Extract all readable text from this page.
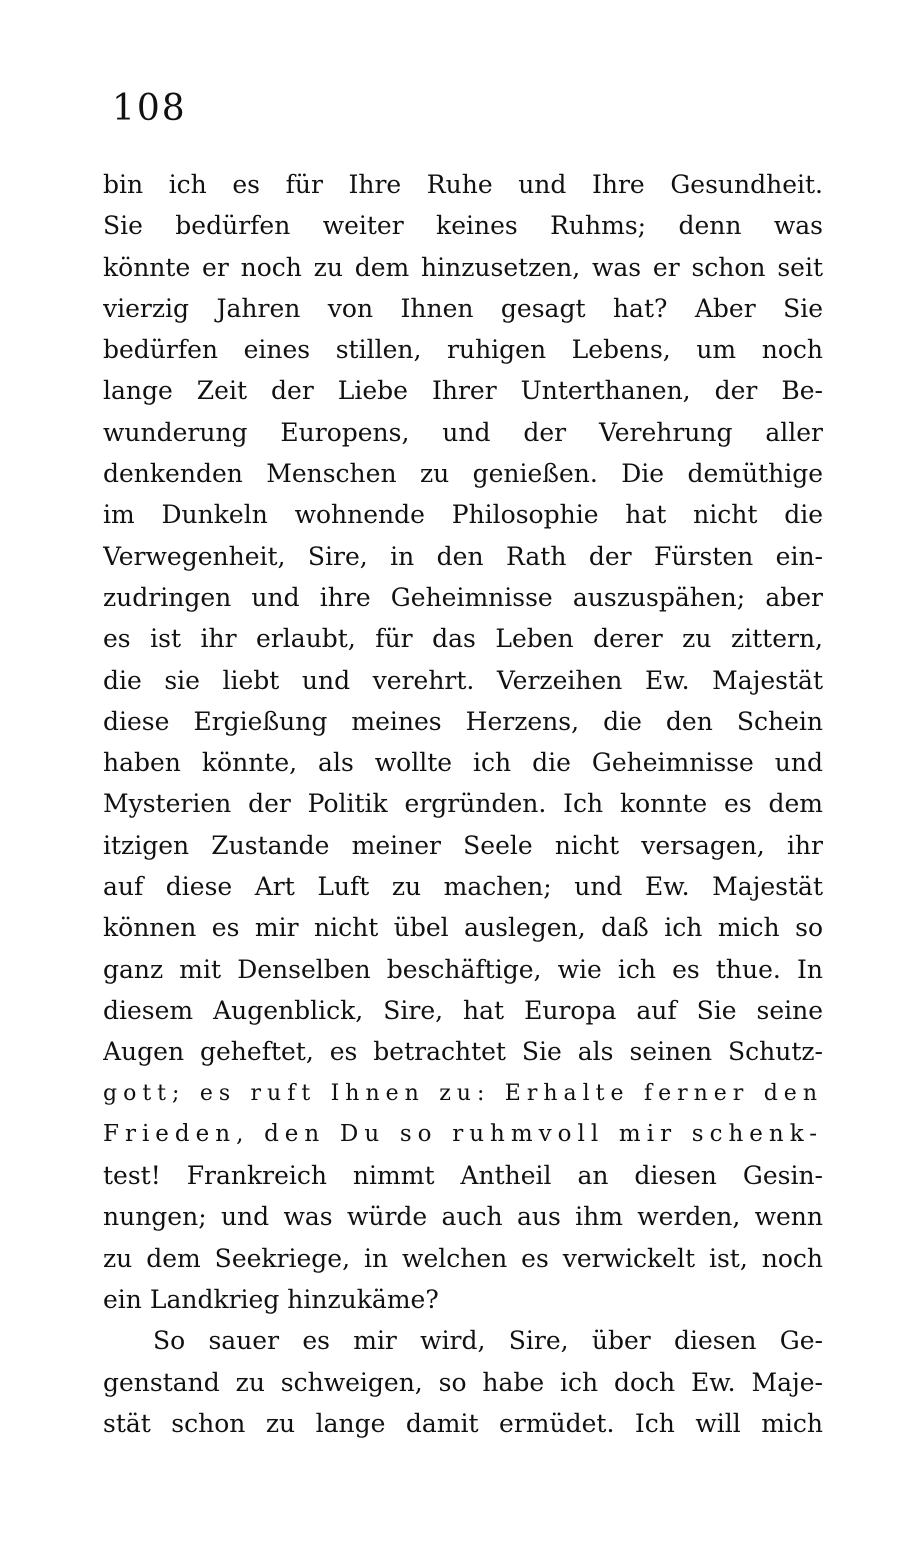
108
bin ich es für Ihre Ruhe und Ihre Gesundheit.
Sie bedürfen weiter keines Ruhms; denn was
könnte er noch zu dem hinzusetzen, was er schon seit
vierzig Jahren von Ihnen gesagt hat? Aber Sie
bedürfen eines stillen, ruhigen Lebens, um noch
lange Zeit der Liebe Ihrer Unterthanen, der Be-
wunderung Europens, und der Verehrung aller
denkenden Menschen zu genießen. Die demüthige
im Dunkeln wohnende Philosophie hat nicht die
Verwegenheit, Sire, in den Rath der Fürsten ein-
zudringen und ihre Geheimnisse auszuspähen; aber
es ist ihr erlaubt, für das Leben derer zu zittern,
die sie liebt und verehrt. Verzeihen Ew. Majestät
diese Ergießung meines Herzens, die den Schein
haben könnte, als wollte ich die Geheimnisse und
Mysterien der Politik ergründen. Ich konnte es dem
itzigen Zustande meiner Seele nicht versagen, ihr
auf diese Art Luft zu machen; und Ew. Majestät
können es mir nicht übel auslegen, daß ich mich so
ganz mit Denselben beschäftige, wie ich es thue. In
diesem Augenblick, Sire, hat Europa auf Sie seine
Augen geheftet, es betrachtet Sie als seinen Schutz-
gott; es ruft Ihnen zu: Erhalte ferner den
Frieden, den Du so ruhmvoll mir schenk-
test! Frankreich nimmt Antheil an diesen Gesin-
nungen; und was würde auch aus ihm werden, wenn
zu dem Seekriege, in welchen es verwickelt ist, noch
ein Landkrieg hinzukäme?
So sauer es mir wird, Sire, über diesen Ge-
genstand zu schweigen, so habe ich doch Ew. Maje-
stät schon zu lange damit ermüdet. Ich will mich
